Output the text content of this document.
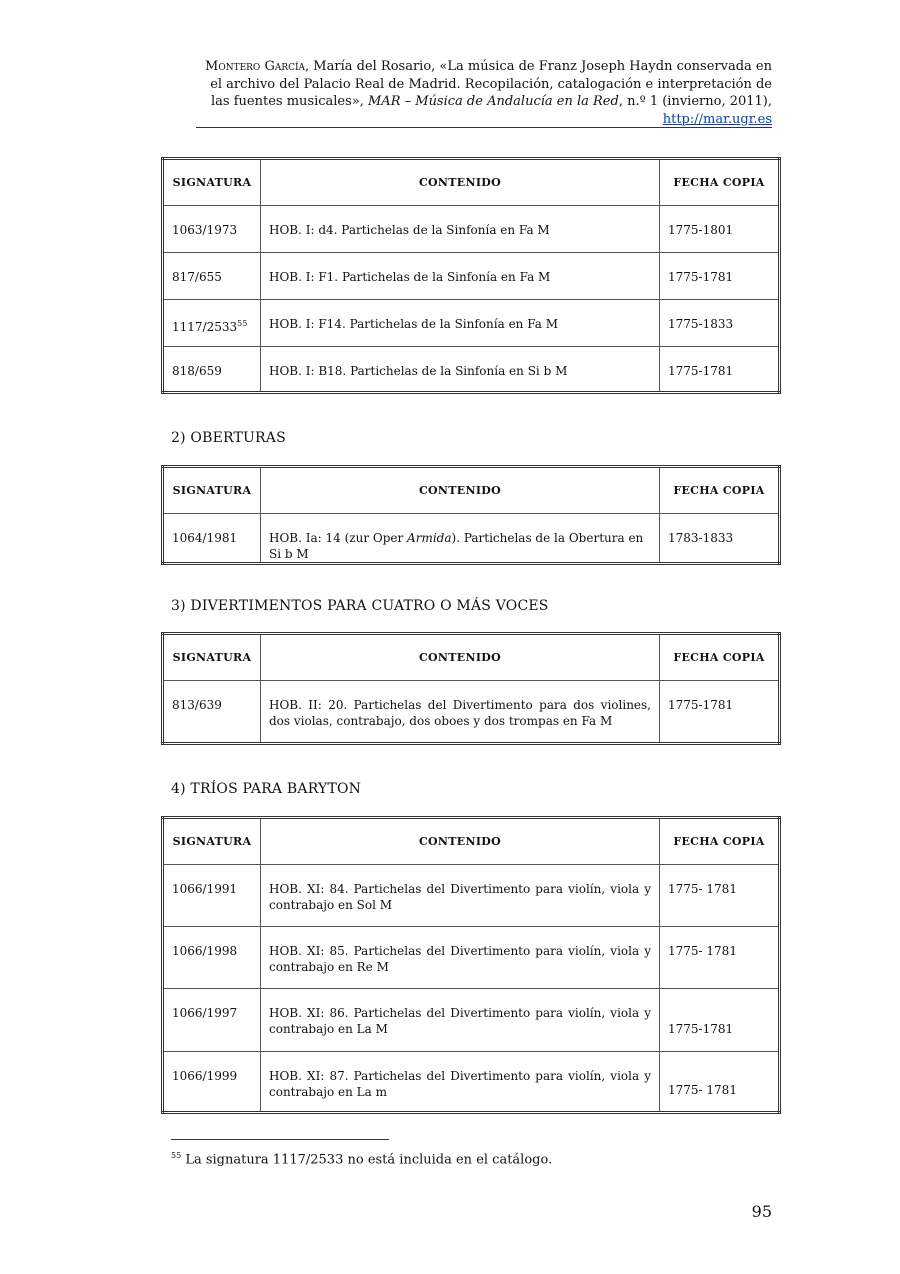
Montero García, María del Rosario, «La música de Franz Joseph Haydn conservada en el archivo del Palacio Real de Madrid. Recopilación, catalogación e interpretación de las fuentes musicales», MAR – Música de Andalucía en la Red, n.º 1 (invierno, 2011), http://mar.ugr.es
SIGNATURA	CONTENIDO	FECHA COPIA
1063/1973	HOB. I: d4. Partichelas de la Sinfonía en Fa M	1775-1801
817/655	HOB. I: F1. Partichelas de la Sinfonía en Fa M	1775-1781
1117/2533$^{55}$	HOB. I: F14. Partichelas de la Sinfonía en Fa M	1775-1833
818/659	HOB. I: B18. Partichelas de la Sinfonía en Si b M	1775-1781
2) OBERTURAS
SIGNATURA	CONTENIDO	FECHA COPIA
1064/1981	HOB. Ia: 14 (zur Oper Armida). Partichelas de la Obertura en Si b M	1783-1833
3) DIVERTIMENTOS PARA CUATRO O MÁS VOCES
SIGNATURA	CONTENIDO	FECHA COPIA
813/639	HOB. II: 20. Partichelas del Divertimento para dos violines, dos violas, contrabajo, dos oboes y dos trompas en Fa M	1775-1781
4) TRÍOS PARA BARYTON
SIGNATURA	CONTENIDO	FECHA COPIA
1066/1991	HOB. XI: 84. Partichelas del Divertimento para violín, viola y contrabajo en Sol M	1775- 1781
1066/1998	HOB. XI: 85. Partichelas del Divertimento para violín, viola y contrabajo en Re M	1775- 1781
1066/1997	HOB. XI: 86. Partichelas del Divertimento para violín, viola y contrabajo en La M	1775-1781
1066/1999	HOB. XI: 87. Partichelas del Divertimento para violín, viola y contrabajo en La m	1775- 1781
$^{55}$ La signatura 1117/2533 no está incluida en el catálogo.
95
